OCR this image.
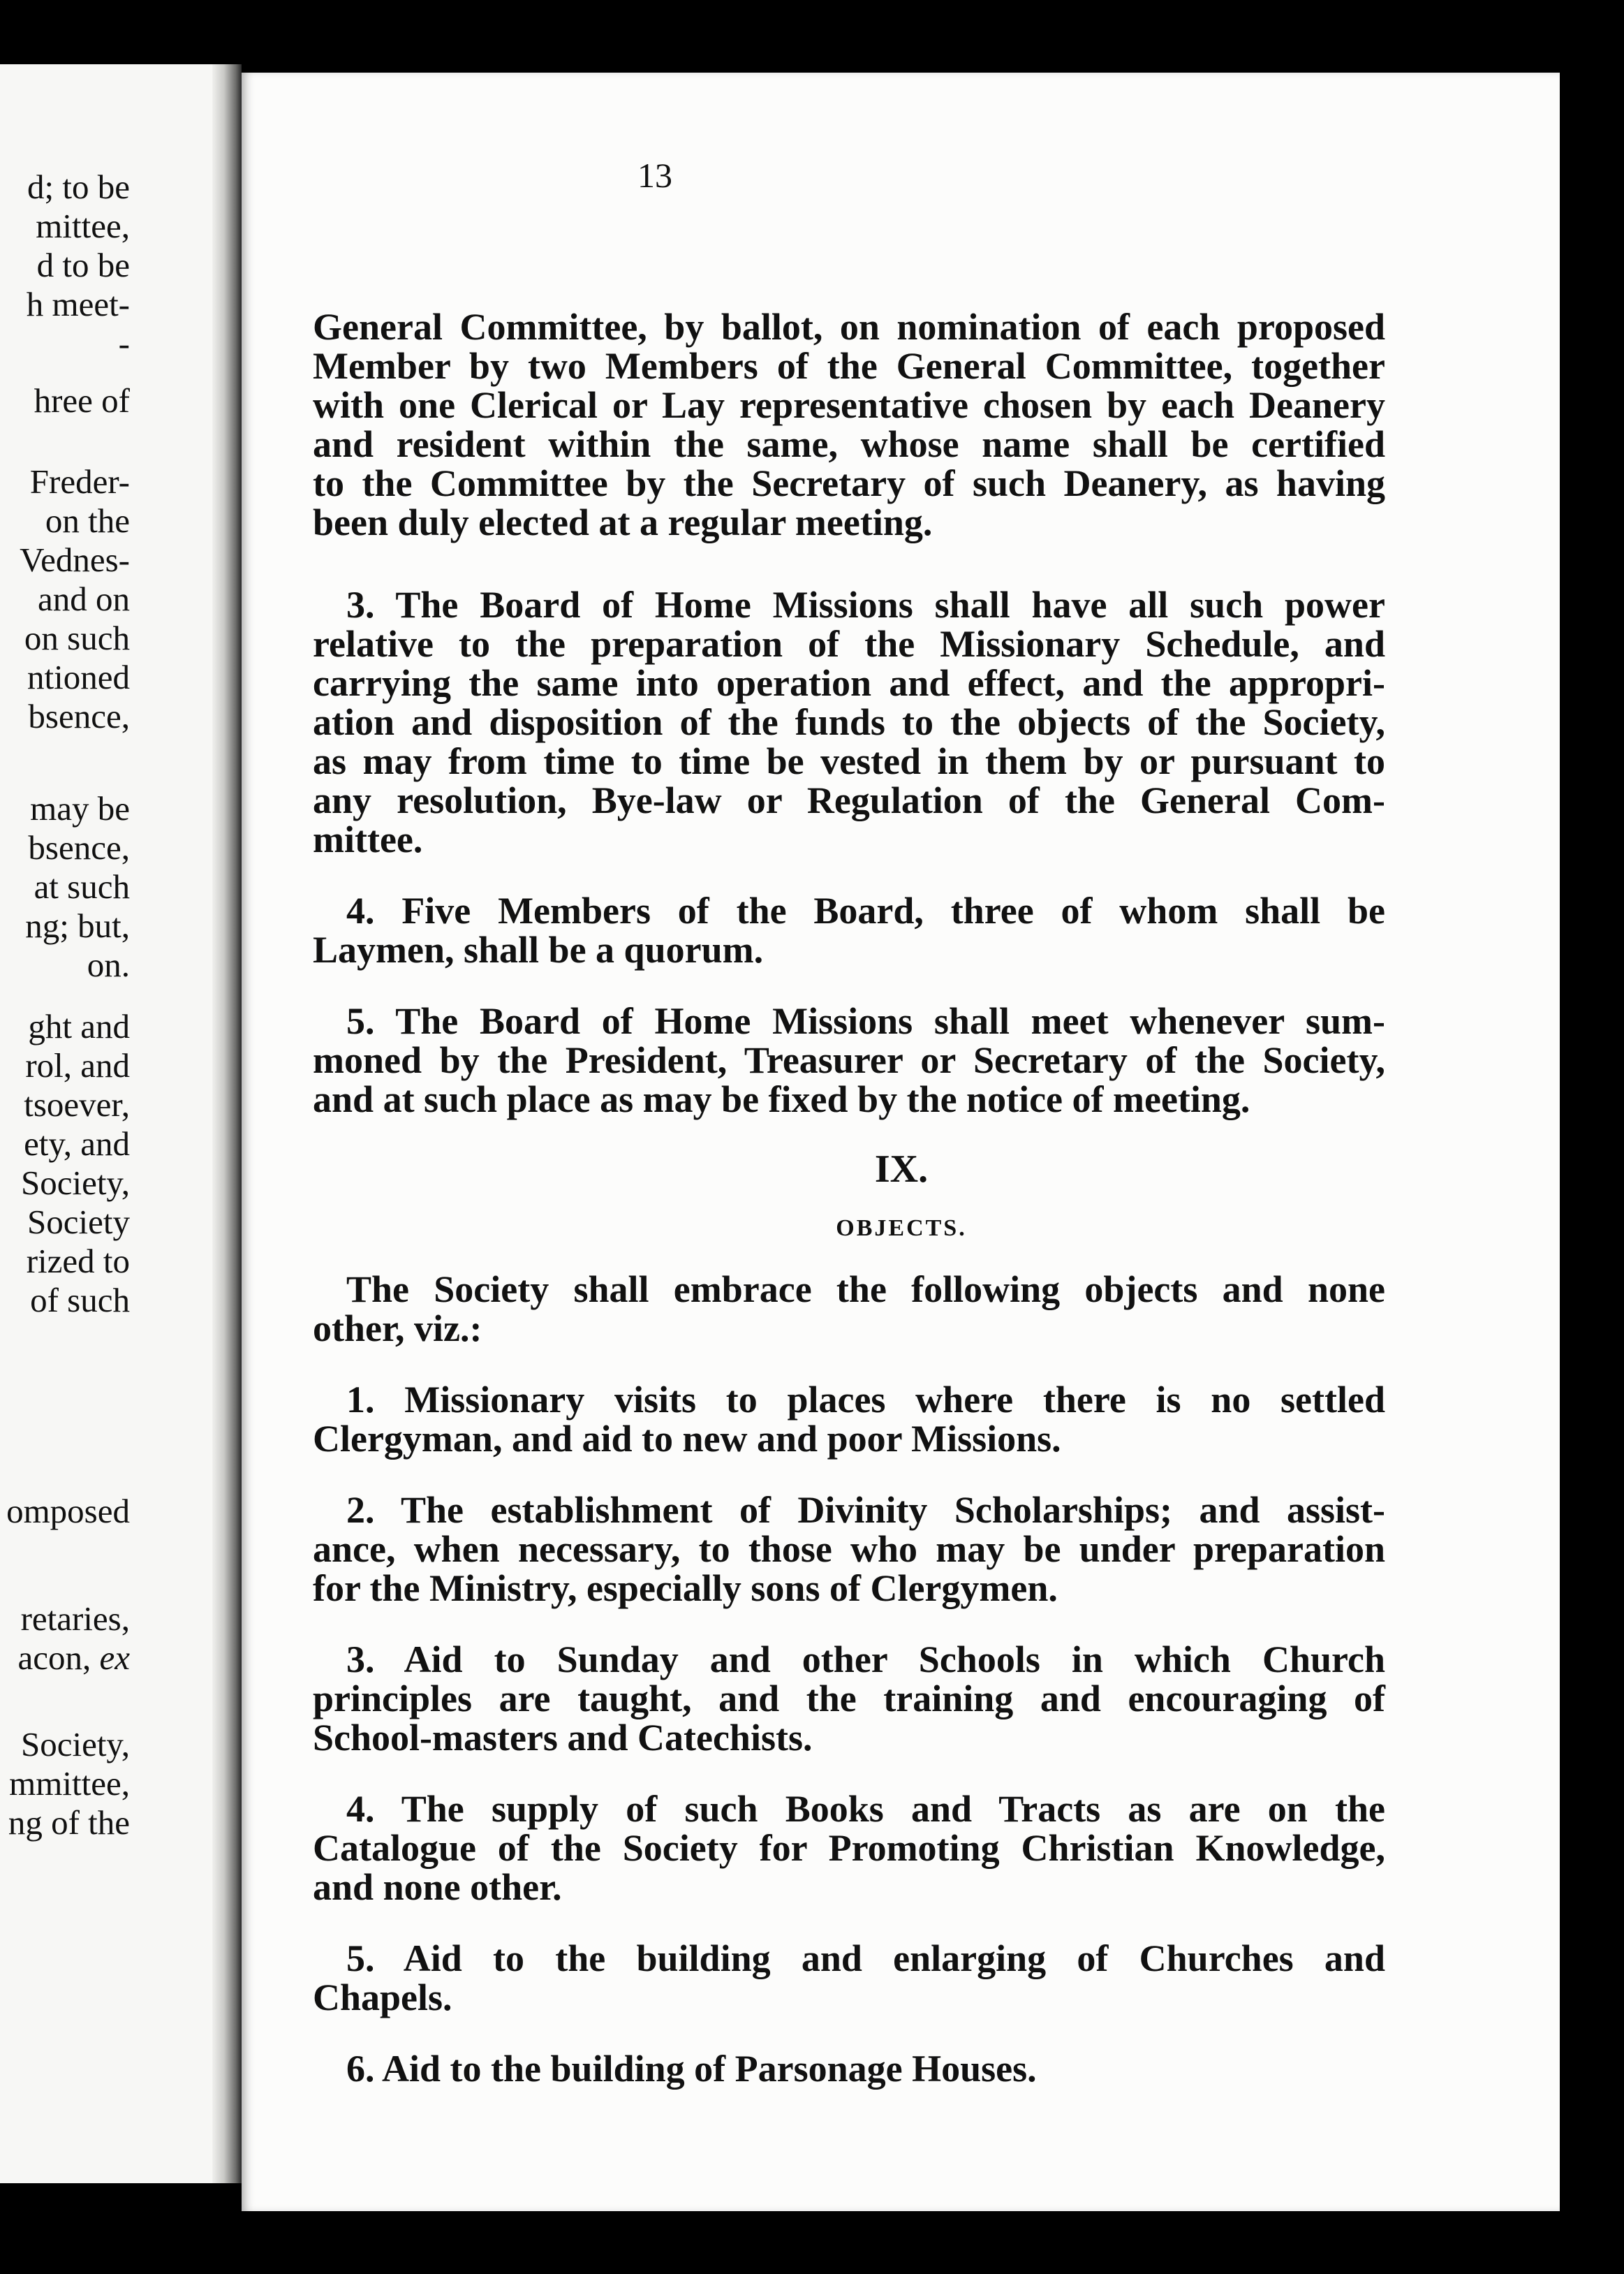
d; to be
mittee,
d to be
h meet-
-
hree of
Freder-
on the
Vednes-
and on
on such
ntioned
bsence,
may be
bsence,
at such
ng; but,
on.
ght and
rol, and
tsoever,
ety, and
Society,
Society
rized to
of such
omposed
retaries,
acon, ex
Society,
mmittee,
ng of the
13
General Committee, by ballot, on nomination of each proposed
Member by two Members of the General Committee, together
with one Clerical or Lay representative chosen by each Deanery
and resident within the same, whose name shall be certified
to the Committee by the Secretary of such Deanery, as having
been duly elected at a regular meeting.
3. The Board of Home Missions shall have all such power
relative to the preparation of the Missionary Schedule, and
carrying the same into operation and effect, and the appropri-
ation and disposition of the funds to the objects of the Society,
as may from time to time be vested in them by or pursuant to
any resolution, Bye-law or Regulation of the General Com-
mittee.
4. Five Members of the Board, three of whom shall be
Laymen, shall be a quorum.
5. The Board of Home Missions shall meet whenever sum-
moned by the President, Treasurer or Secretary of the Society,
and at such place as may be fixed by the notice of meeting.
IX.
OBJECTS.
The Society shall embrace the following objects and none
other, viz.:
1. Missionary visits to places where there is no settled
Clergyman, and aid to new and poor Missions.
2. The establishment of Divinity Scholarships; and assist-
ance, when necessary, to those who may be under preparation
for the Ministry, especially sons of Clergymen.
3. Aid to Sunday and other Schools in which Church
principles are taught, and the training and encouraging of
School-masters and Catechists.
4. The supply of such Books and Tracts as are on the
Catalogue of the Society for Promoting Christian Knowledge,
and none other.
5. Aid to the building and enlarging of Churches and
Chapels.
6. Aid to the building of Parsonage Houses.
